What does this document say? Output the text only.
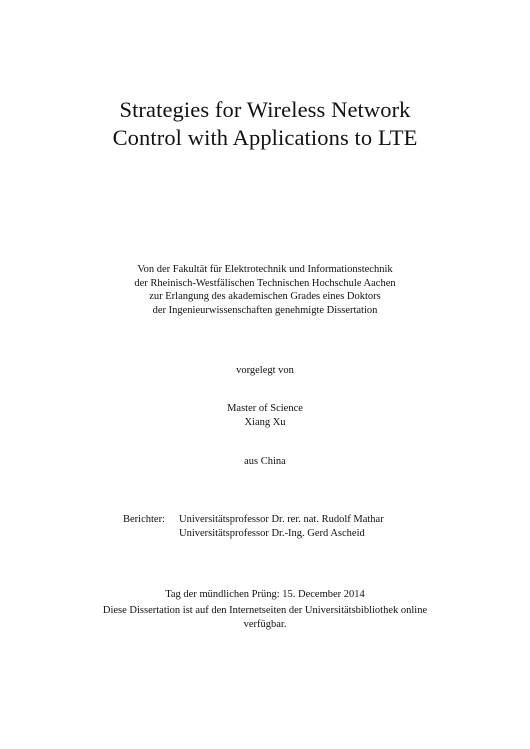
Strategies for Wireless Network
Control with Applications to LTE
Von der Fakultät für Elektrotechnik und Informationstechnik
der Rheinisch-Westfälischen Technischen Hochschule Aachen
zur Erlangung des akademischen Grades eines Doktors
der Ingenieurwissenschaften genehmigte Dissertation
vorgelegt von
Master of Science
Xiang Xu
aus China
Berichter:	Universitätsprofessor Dr. rer. nat. Rudolf Mathar
Universitätsprofessor Dr.-Ing. Gerd Ascheid
Tag der mündlichen Prüng: 15. December 2014
Diese Dissertation ist auf den Internetseiten der Universitätsbibliothek online
verfügbar.
